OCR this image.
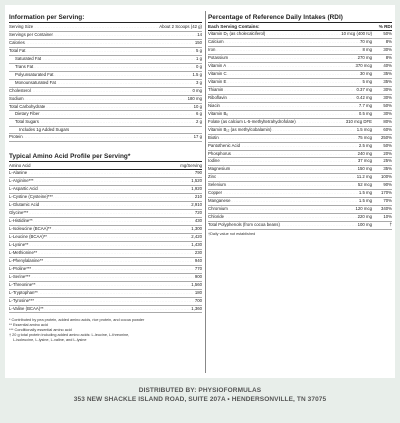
Information per Serving:
Serving Size . . .	About 2 Scoops (42 g)
Servings per Container . . .	14
Calories . . .	150
Total Fat . . .	5 g
Saturated Fat . . .	1 g
Trans Fat . . .	0 g
Polyunsaturated Fat . . .	1.5 g
Monounsaturated Fat . . .	3 g
Cholesterol . . .	0 mg
Sodium . . .	180 mg
Total Carbohydrate . . .	10 g
Dietary Fiber . . .	6 g
Total Sugars . . .	2 g
Includes 1g Added Sugars
Protein . . .	17 g
Typical Amino Acid Profile per Serving*
Amino Acid	mg/Serving
L-Alanine . . .	790
L-Arginine*** . . .	1,520
L-Aspartic Acid . . .	1,920
L-Cystine (Cysteine)*** . . .	210
L-Glutamic Acid . . .	2,910
Glycine*** . . .	720
L-Histidine** . . .	430
L-Isoleucine (BCAA)** . . .	1,300
L-Leucine (BCAA)** . . .	2,420
L-Lysine** . . .	1,430
L-Methionine** . . .	230
L-Phenylalanine** . . .	940
L-Proline*** . . .	770
L-Serine*** . . .	900
L-Threonine** . . .	1,560
L-Tryptophan** . . .	180
L-Tyrosine*** . . .	700
L-Valine (BCAA)** . . .	1,360
* Contributed by pea protein, added amino acids, rice protein, and cocoa powder
** Essential amino acid
*** Conditionally essential amino acid
† 20 g total protein including added amino acids: L-leucine, L-threonine,
L-isoleucine, L-lysine, L-valine, and L-lysine
Percentage of Reference Daily Intakes (RDI)
Each Serving Contains:	% RDI
Vitamin D₃ (as cholecalciferol) . . .	10 mcg (400 IU)	50%
Calcium . . .	70 mg	8%
Iron . . .	8 mg	30%
Potassium . . .	270 mg	8%
Vitamin A . . .	370 mcg	40%
Vitamin C . . .	30 mg	35%
Vitamin E . . .	5 mg	35%
Thiamin . . .	0.37 mg	30%
Riboflavin . . .	0.42 mg	30%
Niacin . . .	7.7 mg	50%
Vitamin B₆ . . .	0.5 mg	30%
Folate (as calcium L-5-methyltetrahydrofolate) . . .	310 mcg DFE	80%
Vitamin B₁₂ (as methylcobalamin) . . .	1.5 mcg	60%
Biotin . . .	75 mcg	250%
Pantothenic Acid . . .	2.5 mg	50%
Phosphorus . . .	240 mg	20%
Iodine . . .	37 mcg	25%
Magnesium . . .	150 mg	35%
Zinc . . .	11.2 mg	100%
Selenium . . .	52 mcg	90%
Copper . . .	1.5 mg	170%
Manganese . . .	1.5 mg	70%
Chromium . . .	120 mcg	340%
Chloride . . .	220 mg	10%
Total Polyphenols (from cocoa beans) . . .	100 mg	†
†Daily value not established
DISTRIBUTED BY: PHYSIOFORMULAS
353 NEW SHACKLE ISLAND ROAD, SUITE 207A • HENDERSONVILLE, TN 37075
